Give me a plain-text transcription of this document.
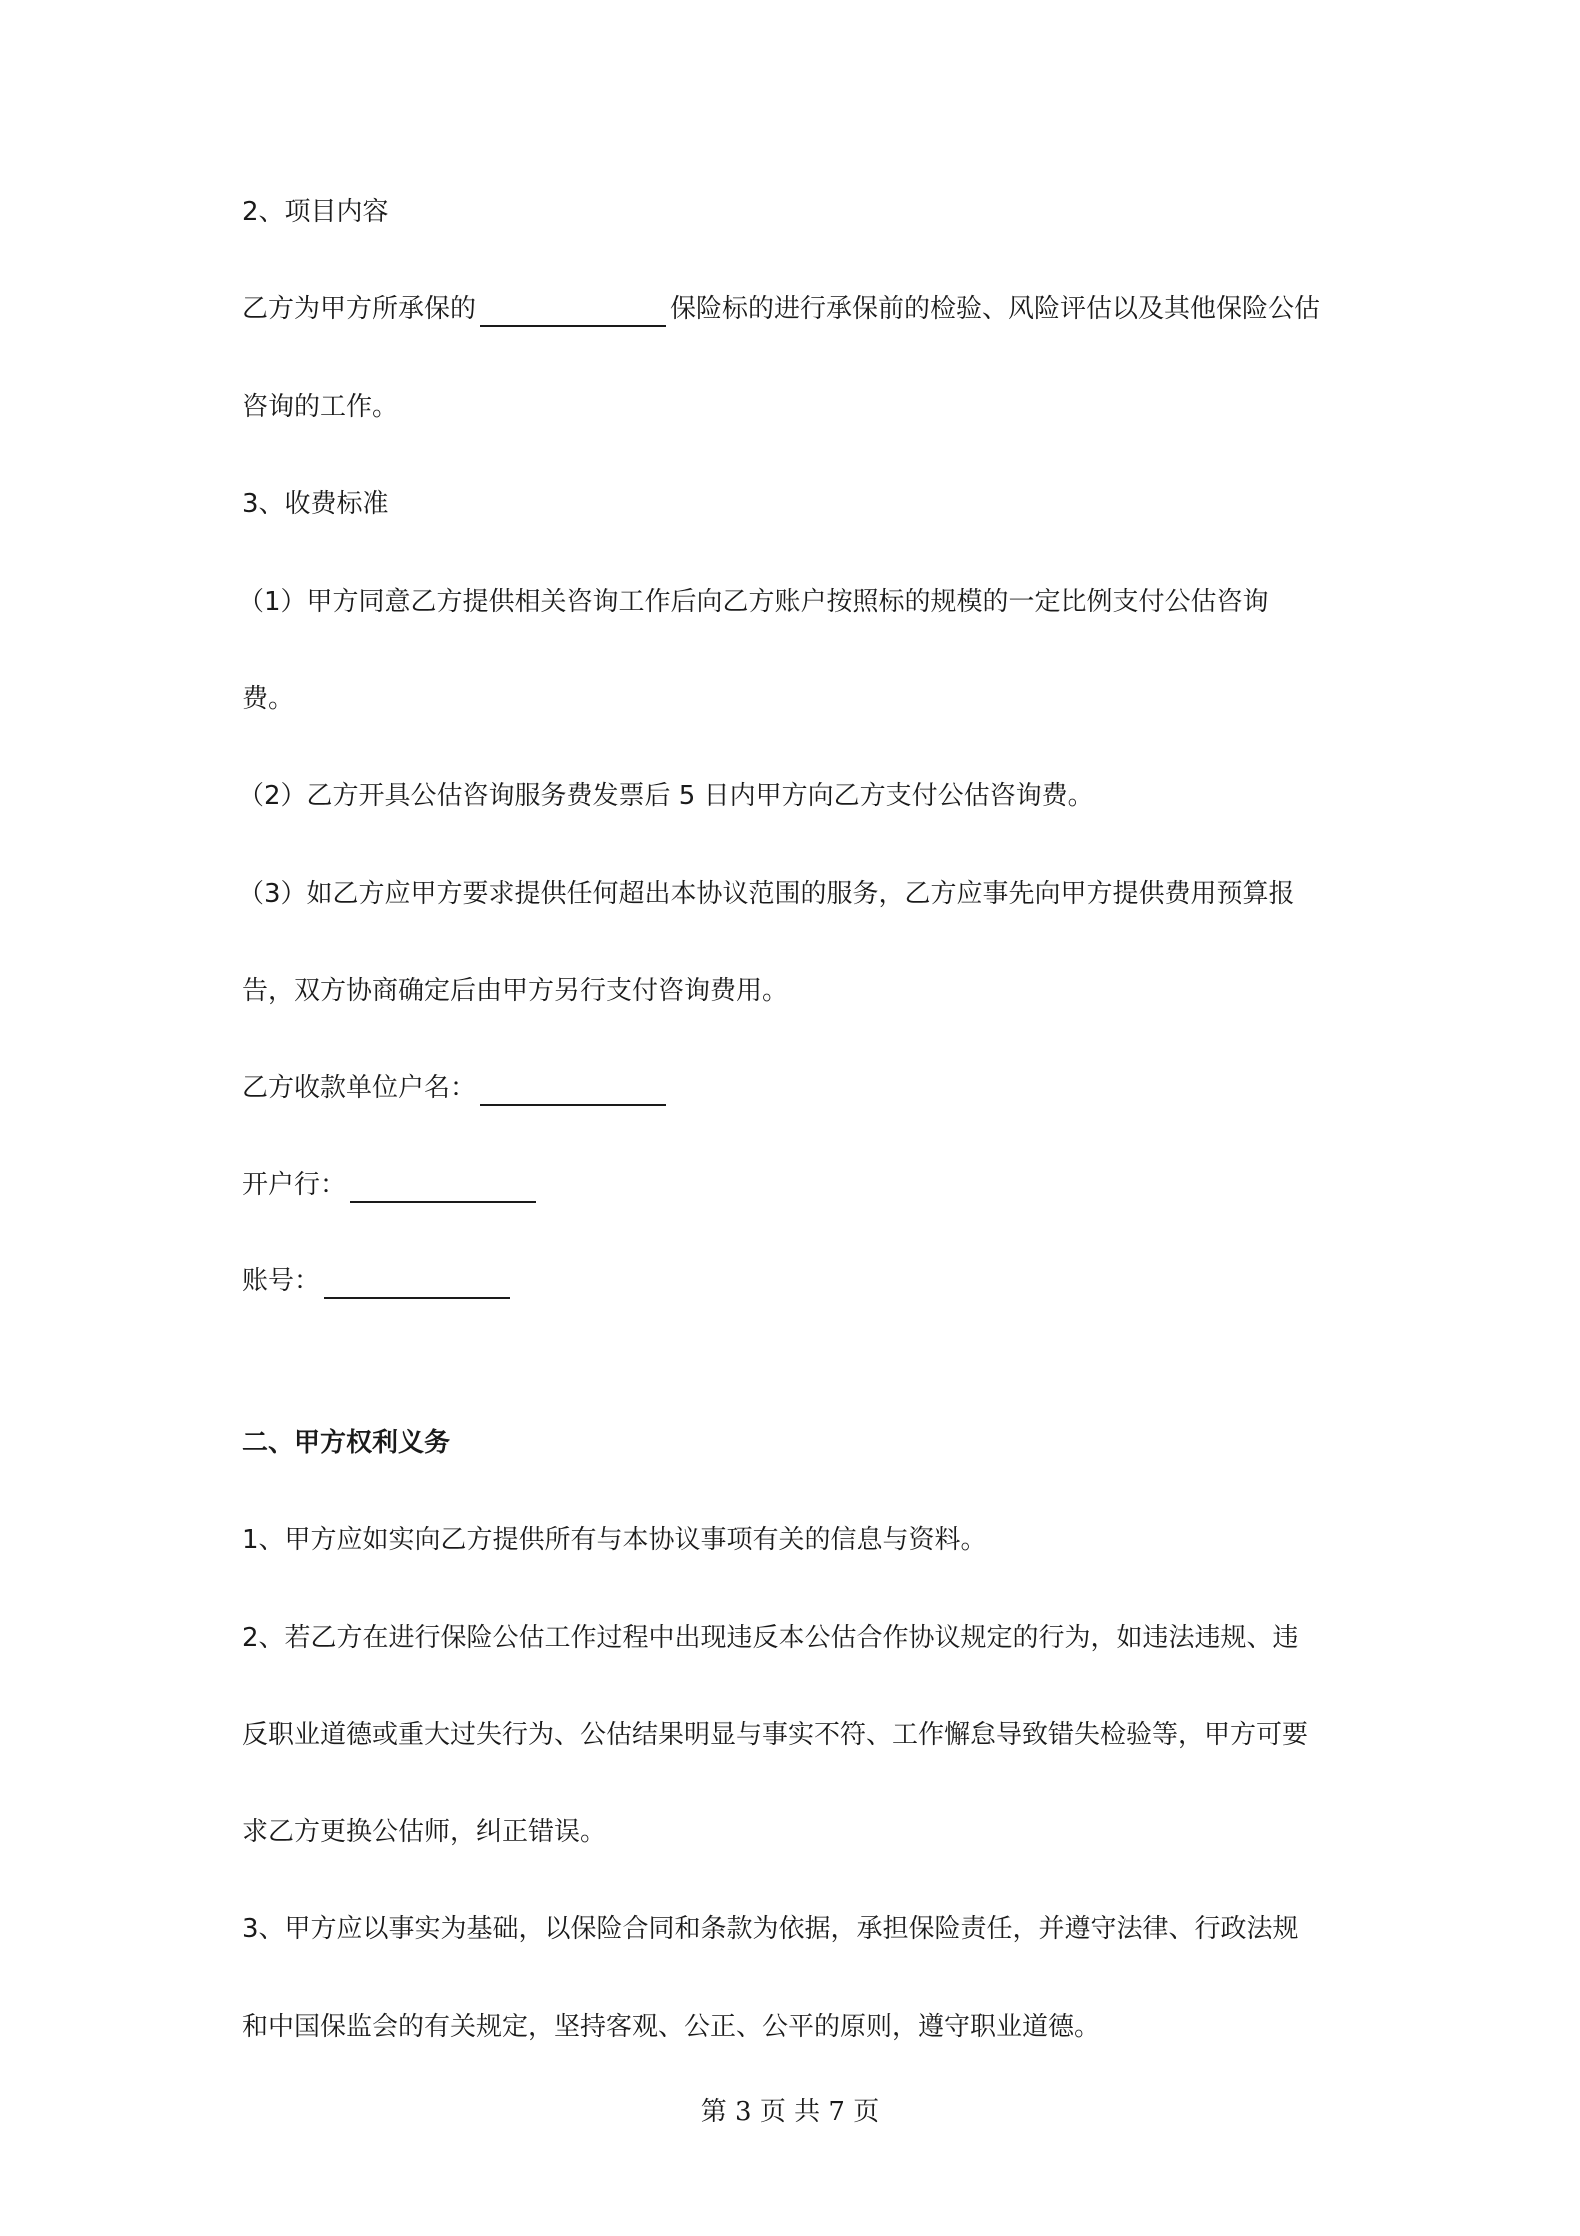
2、项目内容
乙方为甲方所承保的	保险标的进行承保前的检验、风险评估以及其他保险公估
咨询的工作。
3、收费标准
（1）甲方同意乙方提供相关咨询工作后向乙方账户按照标的规模的一定比例支付公估咨询
费。
（2）乙方开具公估咨询服务费发票后 5 日内甲方向乙方支付公估咨询费。
（3）如乙方应甲方要求提供任何超出本协议范围的服务，乙方应事先向甲方提供费用预算报
告，双方协商确定后由甲方另行支付咨询费用。
乙方收款单位户名：
开户行：
账号：
二、甲方权利义务
1、甲方应如实向乙方提供所有与本协议事项有关的信息与资料。
2、若乙方在进行保险公估工作过程中出现违反本公估合作协议规定的行为，如违法违规、违
反职业道德或重大过失行为、公估结果明显与事实不符、工作懈怠导致错失检验等，甲方可要
求乙方更换公估师，纠正错误。
3、甲方应以事实为基础，以保险合同和条款为依据，承担保险责任，并遵守法律、行政法规
和中国保监会的有关规定，坚持客观、公正、公平的原则，遵守职业道德。
第 3 页 共 7 页
